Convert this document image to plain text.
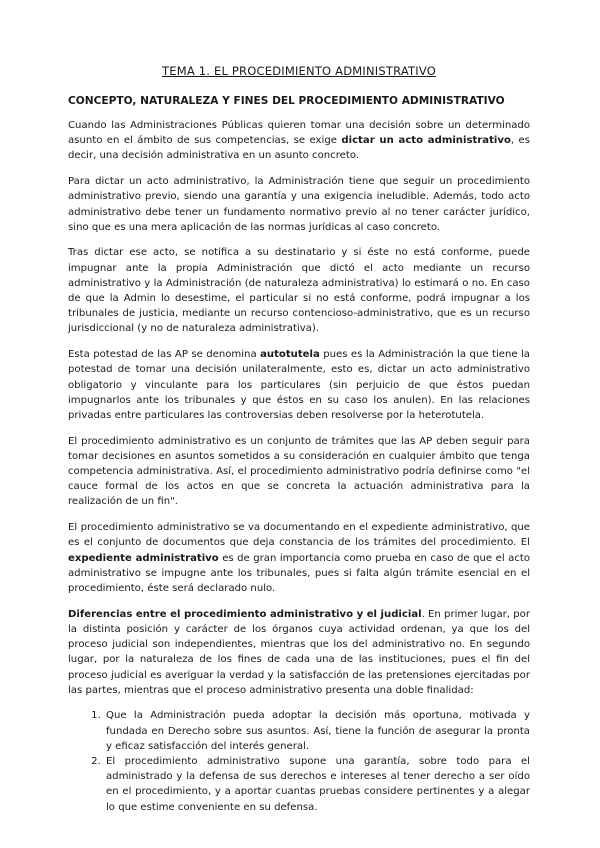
TEMA 1. EL PROCEDIMIENTO ADMINISTRATIVO
CONCEPTO, NATURALEZA Y FINES DEL PROCEDIMIENTO ADMINISTRATIVO

Cuando las Administraciones Públicas quieren tomar una decisión sobre un determinado asunto en el ámbito de sus competencias, se exige dictar un acto administrativo, es decir, una decisión administrativa en un asunto concreto.

Para dictar un acto administrativo, la Administración tiene que seguir un procedimiento administrativo previo, siendo una garantía y una exigencia ineludible. Además, todo acto administrativo debe tener un fundamento normativo previo al no tener carácter jurídico, sino que es una mera aplicación de las normas jurídicas al caso concreto.

Tras dictar ese acto, se notifica a su destinatario y si éste no está conforme, puede impugnar ante la propia Administración que dictó el acto mediante un recurso administrativo y la Administración (de naturaleza administrativa) lo estimará o no. En caso de que la Admin lo desestime, el particular si no está conforme, podrá impugnar a los tribunales de justicia, mediante un recurso contencioso-administrativo, que es un recurso jurisdiccional (y no de naturaleza administrativa).

Esta potestad de las AP se denomina autotutela pues es la Administración la que tiene la potestad de tomar una decisión unilateralmente, esto es, dictar un acto administrativo obligatorio y vinculante para los particulares (sin perjuicio de que éstos puedan impugnarlos ante los tribunales y que éstos en su caso los anulen). En las relaciones privadas entre particulares las controversias deben resolverse por la heterotutela.

El procedimiento administrativo es un conjunto de trámites que las AP deben seguir para tomar decisiones en asuntos sometidos a su consideración en cualquier ámbito que tenga competencia administrativa. Así, el procedimiento administrativo podría definirse como "el cauce formal de los actos en que se concreta la actuación administrativa para la realización de un fin".

El procedimiento administrativo se va documentando en el expediente administrativo, que es el conjunto de documentos que deja constancia de los trámites del procedimiento. El expediente administrativo es de gran importancia como prueba en caso de que el acto administrativo se impugne ante los tribunales, pues si falta algún trámite esencial en el procedimiento, éste será declarado nulo.

Diferencias entre el procedimiento administrativo y el judicial. En primer lugar, por la distinta posición y carácter de los órganos cuya actividad ordenan, ya que los del proceso judicial son independientes, mientras que los del administrativo no. En segundo lugar, por la naturaleza de los fines de cada una de las instituciones, pues el fin del proceso judicial es averiguar la verdad y la satisfacción de las pretensiones ejercitadas por las partes, mientras que el proceso administrativo presenta una doble finalidad:

1. Que la Administración pueda adoptar la decisión más oportuna, motivada y fundada en Derecho sobre sus asuntos. Así, tiene la función de asegurar la pronta y eficaz satisfacción del interés general.
2. El procedimiento administrativo supone una garantía, sobre todo para el administrado y la defensa de sus derechos e intereses al tener derecho a ser oído en el procedimiento, y a aportar cuantas pruebas considere pertinentes y a alegar lo que estime conveniente en su defensa.
